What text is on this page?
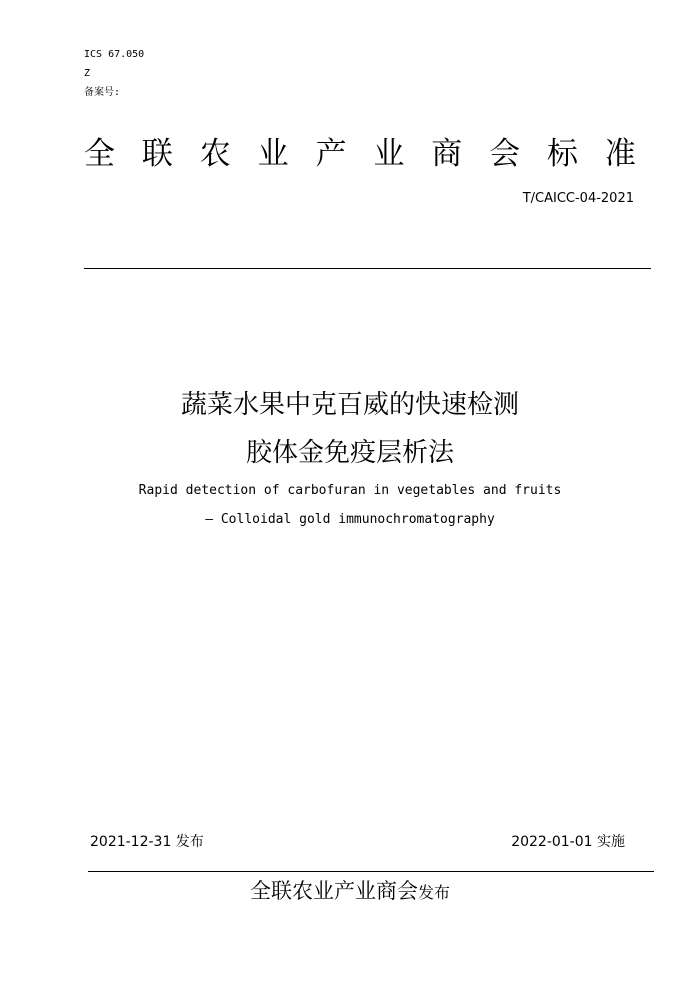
ICS 67.050
Z
备案号:
全 联 农 业 产 业 商 会 标 准
T/CAICC-04-2021
蔬菜水果中克百威的快速检测
胶体金免疫层析法
Rapid detection of carbofuran in vegetables and fruits
— Colloidal gold immunochromatography
2021-12-31 发布	2022-01-01 实施
全联农业产业商会发布
